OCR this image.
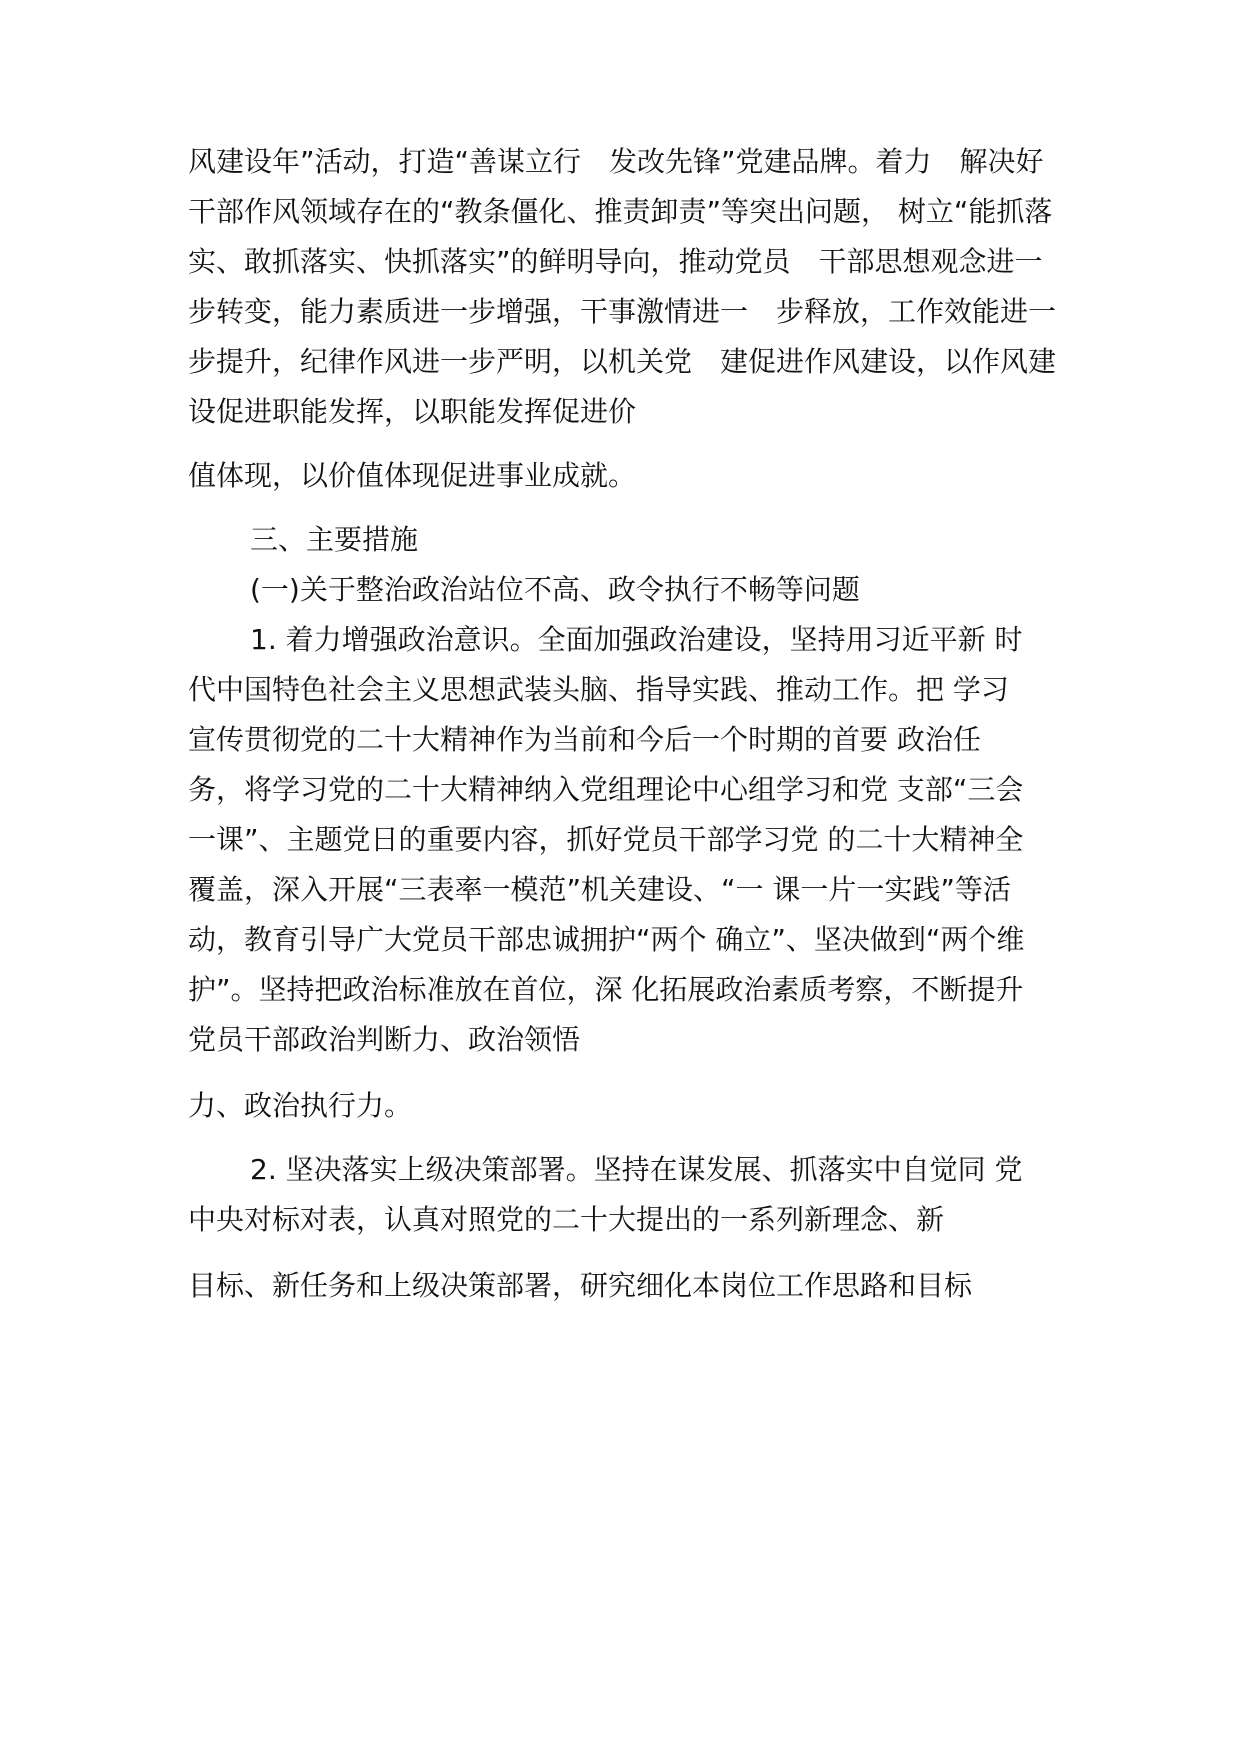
风建设年”活动，打造“善谋立行　发改先锋”党建品牌。着力　解决好
干部作风领域存在的“教条僵化、推责卸责”等突出问题， 树立“能抓落
实、敢抓落实、快抓落实”的鲜明导向，推动党员　干部思想观念进一
步转变，能力素质进一步增强，干事激情进一　步释放，工作效能进一
步提升，纪律作风进一步严明，以机关党　建促进作风建设，以作风建
设促进职能发挥，以职能发挥促进价
值体现，以价值体现促进事业成就。
三、主要措施
(一)关于整治政治站位不高、政令执行不畅等问题
1. 着力增强政治意识。全面加强政治建设，坚持用习近平新 时
代中国特色社会主义思想武装头脑、指导实践、推动工作。把 学习
宣传贯彻党的二十大精神作为当前和今后一个时期的首要 政治任
务，将学习党的二十大精神纳入党组理论中心组学习和党 支部“三会
一课”、主题党日的重要内容，抓好党员干部学习党 的二十大精神全
覆盖，深入开展“三表率一模范”机关建设、“一 课一片一实践”等活
动，教育引导广大党员干部忠诚拥护“两个 确立”、坚决做到“两个维
护”。坚持把政治标准放在首位，深 化拓展政治素质考察，不断提升
党员干部政治判断力、政治领悟
力、政治执行力。
2. 坚决落实上级决策部署。坚持在谋发展、抓落实中自觉同 党
中央对标对表，认真对照党的二十大提出的一系列新理念、新
目标、新任务和上级决策部署，研究细化本岗位工作思路和目标
